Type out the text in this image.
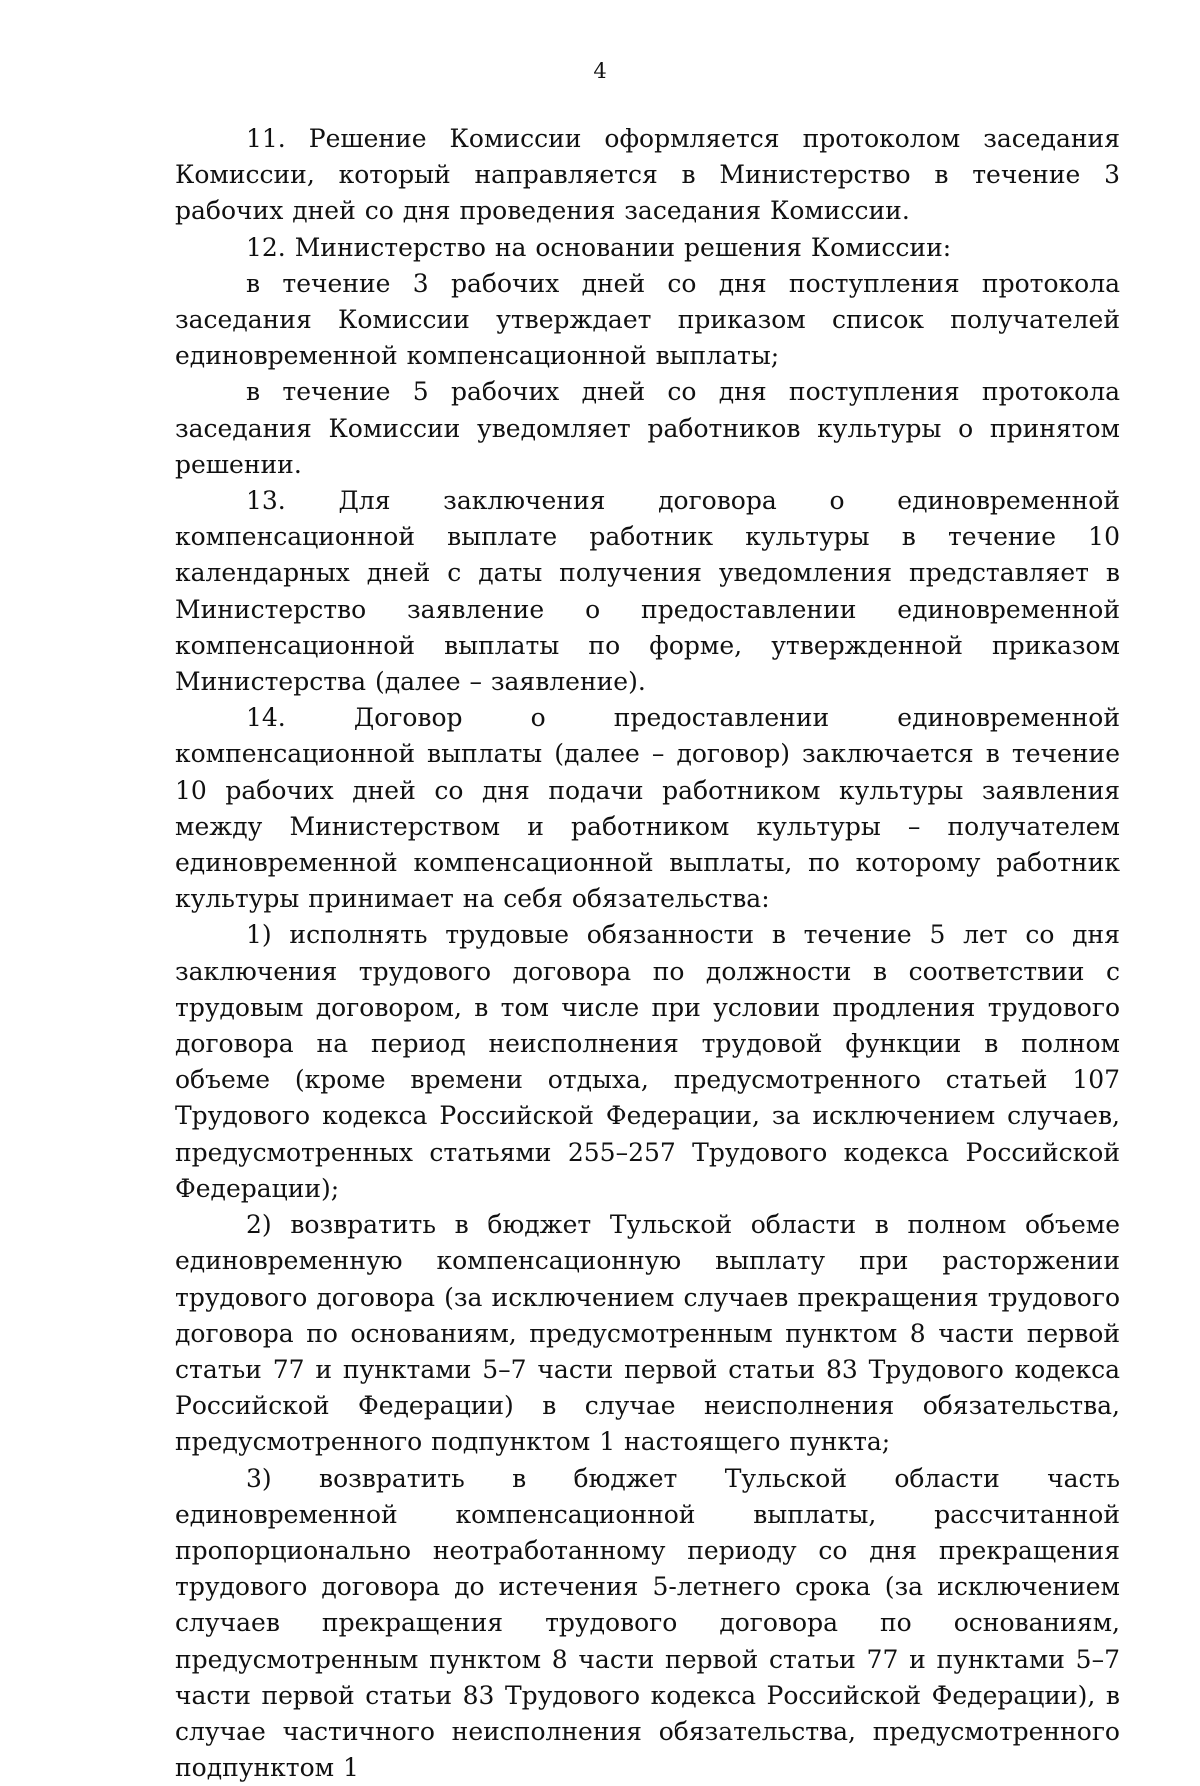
4

11. Решение Комиссии оформляется протоколом заседания Комиссии, который направляется в Министерство в течение 3 рабочих дней со дня проведения заседания Комиссии.

12. Министерство на основании решения Комиссии:

в течение 3 рабочих дней со дня поступления протокола заседания Комиссии утверждает приказом список получателей единовременной компенсационной выплаты;

в течение 5 рабочих дней со дня поступления протокола заседания Комиссии уведомляет работников культуры о принятом решении.

13. Для заключения договора о единовременной компенсационной выплате работник культуры в течение 10 календарных дней с даты получения уведомления представляет в Министерство заявление о предоставлении единовременной компенсационной выплаты по форме, утвержденной приказом Министерства (далее – заявление).

14. Договор о предоставлении единовременной компенсационной выплаты (далее – договор) заключается в течение 10 рабочих дней со дня подачи работником культуры заявления между Министерством и работником культуры – получателем единовременной компенсационной выплаты, по которому работник культуры принимает на себя обязательства:

1) исполнять трудовые обязанности в течение 5 лет со дня заключения трудового договора по должности в соответствии с трудовым договором, в том числе при условии продления трудового договора на период неисполнения трудовой функции в полном объеме (кроме времени отдыха, предусмотренного статьей 107 Трудового кодекса Российской Федерации, за исключением случаев, предусмотренных статьями 255–257 Трудового кодекса Российской Федерации);

2) возвратить в бюджет Тульской области в полном объеме единовременную компенсационную выплату при расторжении трудового договора (за исключением случаев прекращения трудового договора по основаниям, предусмотренным пунктом 8 части первой статьи 77 и пунктами 5–7 части первой статьи 83 Трудового кодекса Российской Федерации) в случае неисполнения обязательства, предусмотренного подпунктом 1 настоящего пункта;

3) возвратить в бюджет Тульской области часть единовременной компенсационной выплаты, рассчитанной пропорционально неотработанному периоду со дня прекращения трудового договора до истечения 5-летнего срока (за исключением случаев прекращения трудового договора по основаниям, предусмотренным пунктом 8 части первой статьи 77 и пунктами 5–7 части первой статьи 83 Трудового кодекса Российской Федерации), в случае частичного неисполнения обязательства, предусмотренного подпунктом 1
